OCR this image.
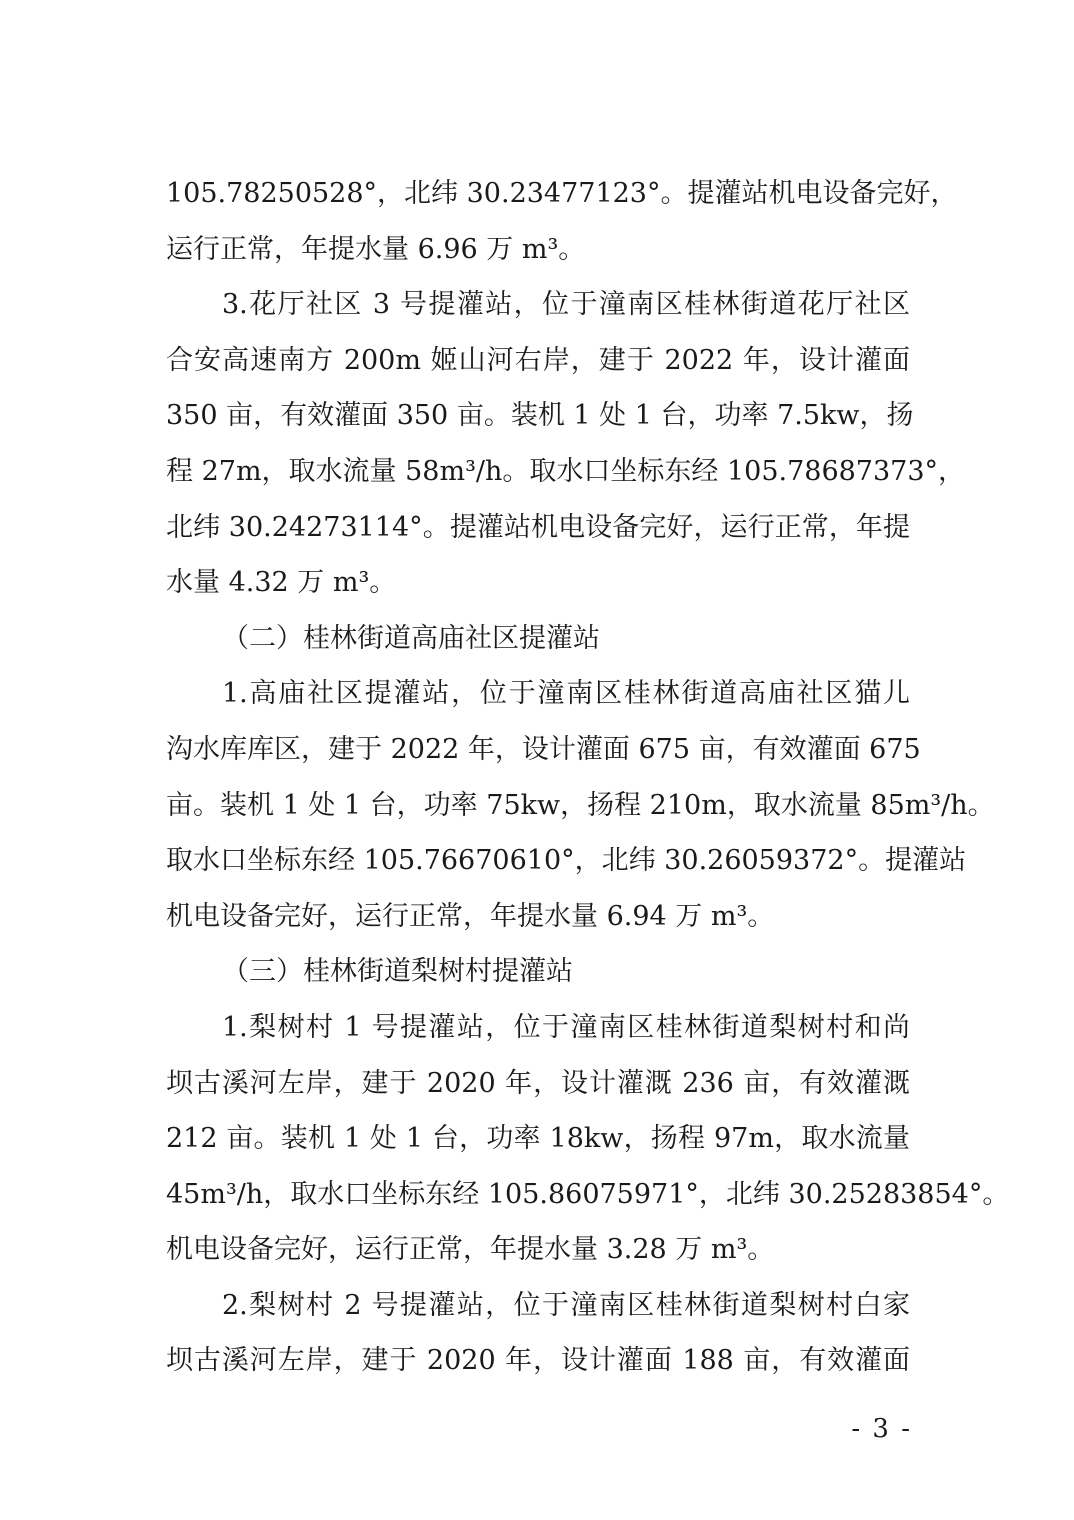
105.78250528°，北纬 30.23477123°。提灌站机电设备完好，
运行正常，年提水量 6.96 万 m³。
3.花厅社区 3 号提灌站，位于潼南区桂林街道花厅社区
合安高速南方 200m 姬山河右岸，建于 2022 年，设计灌面
350 亩，有效灌面 350 亩。装机 1 处 1 台，功率 7.5kw，扬
程 27m，取水流量 58m³/h。取水口坐标东经 105.78687373°，
北纬 30.24273114°。提灌站机电设备完好，运行正常，年提
水量 4.32 万 m³。
（二）桂林街道高庙社区提灌站
1.高庙社区提灌站，位于潼南区桂林街道高庙社区猫儿
沟水库库区，建于 2022 年，设计灌面 675 亩，有效灌面 675
亩。装机 1 处 1 台，功率 75kw，扬程 210m，取水流量 85m³/h。
取水口坐标东经 105.76670610°，北纬 30.26059372°。提灌站
机电设备完好，运行正常，年提水量 6.94 万 m³。
（三）桂林街道梨树村提灌站
1.梨树村 1 号提灌站，位于潼南区桂林街道梨树村和尚
坝古溪河左岸，建于 2020 年，设计灌溉 236 亩，有效灌溉
212 亩。装机 1 处 1 台，功率 18kw，扬程 97m，取水流量
45m³/h，取水口坐标东经 105.86075971°，北纬 30.25283854°。
机电设备完好，运行正常，年提水量 3.28 万 m³。
2.梨树村 2 号提灌站，位于潼南区桂林街道梨树村白家
坝古溪河左岸，建于 2020 年，设计灌面 188 亩，有效灌面
- 3 -
